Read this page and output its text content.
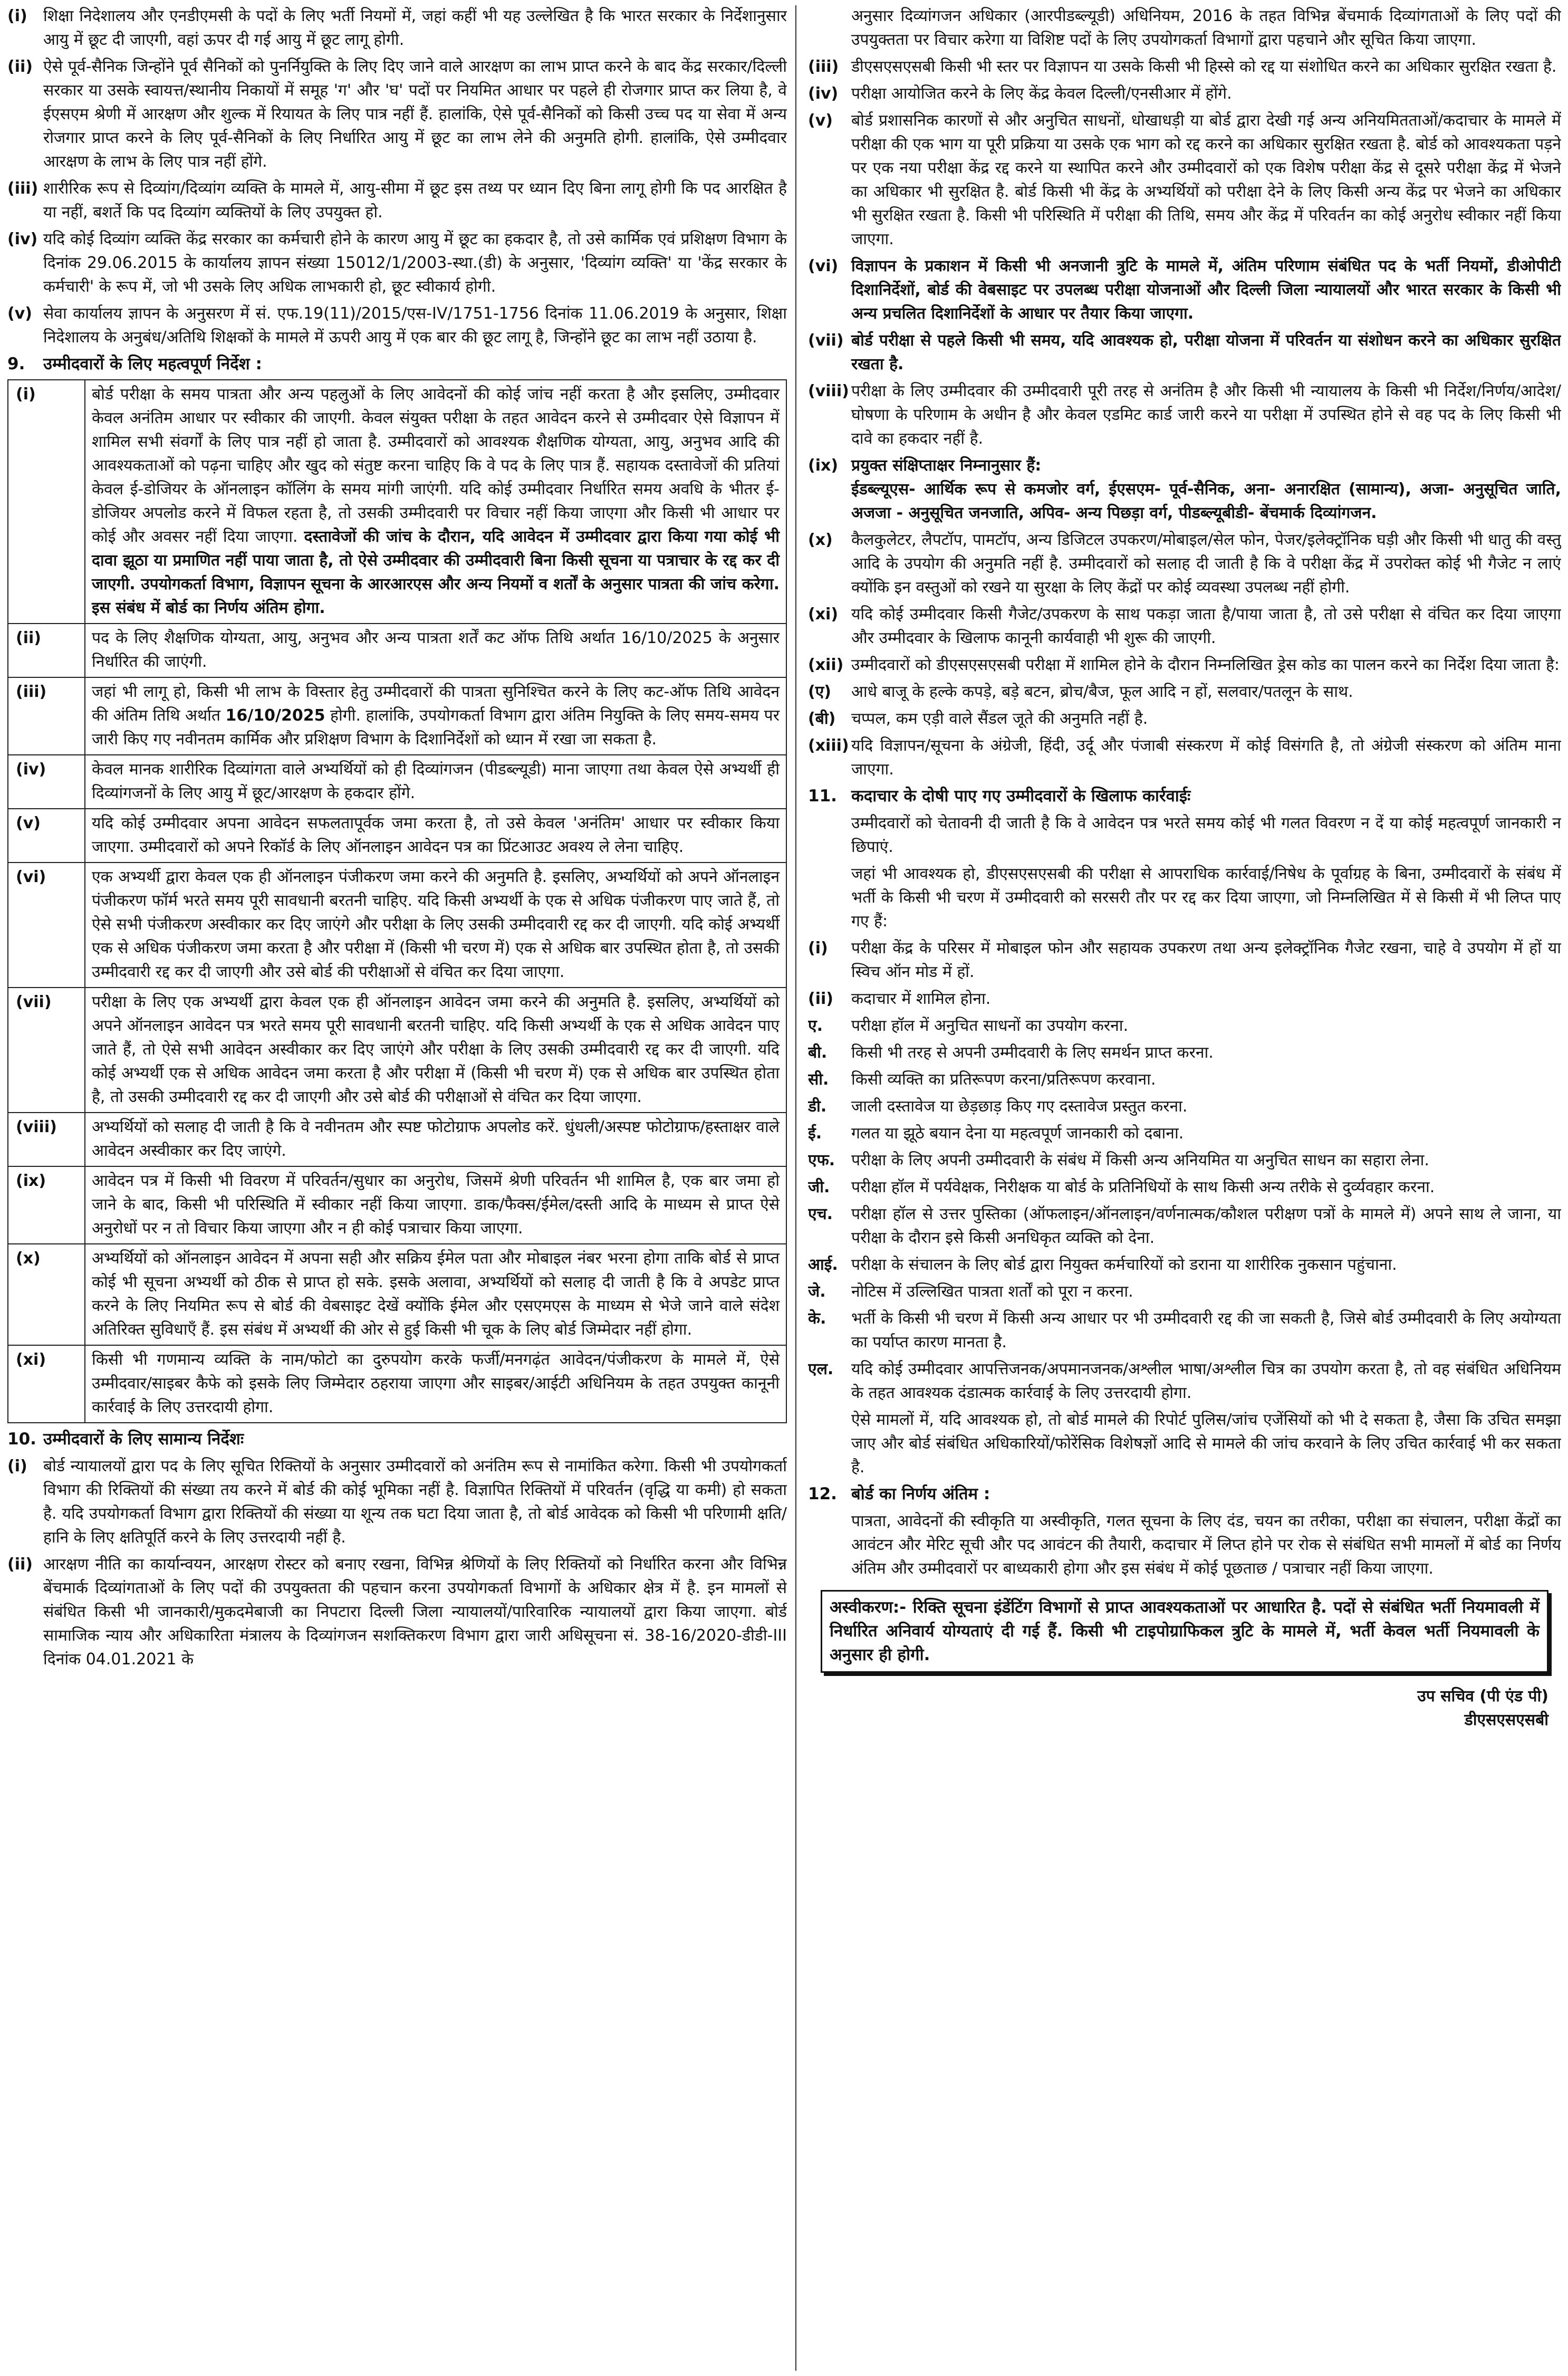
(i)	शिक्षा निदेशालय और एनडीएमसी के पदों के लिए भर्ती नियमों में, जहां कहीं भी यह उल्लेखित है कि भारत सरकार के निर्देशानुसार आयु में छूट दी जाएगी, वहां ऊपर दी गई आयु में छूट लागू होगी.
(ii) ऐसे पूर्व-सैनिक जिन्होंने पूर्व सैनिकों को पुनर्नियुक्ति के लिए दिए जाने वाले आरक्षण का लाभ प्राप्त करने के बाद केंद्र सरकार/दिल्ली सरकार या उसके स्वायत्त/स्थानीय निकायों में समूह 'ग' और 'घ' पदों पर नियमित आधार पर पहले ही रोजगार प्राप्त कर लिया है, वे ईएसएम श्रेणी में आरक्षण और शुल्क में रियायत के लिए पात्र नहीं हैं. हालांकि, ऐसे पूर्व-सैनिकों को किसी उच्च पद या सेवा में अन्य रोजगार प्राप्त करने के लिए पूर्व-सैनिकों के लिए निर्धारित आयु में छूट का लाभ लेने की अनुमति होगी. हालांकि, ऐसे उम्मीदवार आरक्षण के लाभ के लिए पात्र नहीं होंगे.
(iii) शारीरिक रूप से दिव्यांग/दिव्यांग व्यक्ति के मामले में, आयु-सीमा में छूट इस तथ्य पर ध्यान दिए बिना लागू होगी कि पद आरक्षित है या नहीं, बशर्ते कि पद दिव्यांग व्यक्तियों के लिए उपयुक्त हो.
(iv) यदि कोई दिव्यांग व्यक्ति केंद्र सरकार का कर्मचारी होने के कारण आयु में छूट का हकदार है, तो उसे कार्मिक एवं प्रशिक्षण विभाग के दिनांक 29.06.2015 के कार्यालय ज्ञापन संख्या 15012/1/2003-स्था.(डी) के अनुसार, 'दिव्यांग व्यक्ति' या 'केंद्र सरकार के कर्मचारी' के रूप में, जो भी उसके लिए अधिक लाभकारी हो, छूट स्वीकार्य होगी.
(v) सेवा कार्यालय ज्ञापन के अनुसरण में सं. एफ.19(11)/2015/एस-IV/1751-1756 दिनांक 11.06.2019 के अनुसार, शिक्षा निदेशालय के अनुबंध/अतिथि शिक्षकों के मामले में ऊपरी आयु में एक बार की छूट लागू है, जिन्होंने छूट का लाभ नहीं उठाया है.
9.	उम्मीदवारों के लिए महत्वपूर्ण निर्देश :
(i)	बोर्ड परीक्षा के समय पात्रता और अन्य पहलुओं के लिए आवेदनों की कोई जांच नहीं करता है और इसलिए, उम्मीदवार केवल अनंतिम आधार पर स्वीकार की जाएगी. केवल संयुक्त परीक्षा के तहत आवेदन करने से उम्मीदवार ऐसे विज्ञापन में शामिल सभी संवर्गों के लिए पात्र नहीं हो जाता है. उम्मीदवारों को आवश्यक शैक्षणिक योग्यता, आयु, अनुभव आदि की आवश्यकताओं को पढ़ना चाहिए और खुद को संतुष्ट करना चाहिए कि वे पद के लिए पात्र हैं. सहायक दस्तावेजों की प्रतियां केवल ई-डोजियर के ऑनलाइन कॉलिंग के समय मांगी जाएंगी. यदि कोई उम्मीदवार निर्धारित समय अवधि के भीतर ई-डोजियर अपलोड करने में विफल रहता है, तो उसकी उम्मीदवारी पर विचार नहीं किया जाएगा और किसी भी आधार पर कोई और अवसर नहीं दिया जाएगा. दस्तावेजों की जांच के दौरान, यदि आवेदन में उम्मीदवार द्वारा किया गया कोई भी दावा झूठा या प्रमाणित नहीं पाया जाता है, तो ऐसे उम्मीदवार की उम्मीदवारी बिना किसी सूचना या पत्राचार के रद्द कर दी जाएगी. उपयोगकर्ता विभाग, विज्ञापन सूचना के आरआरएस और अन्य नियमों व शर्तों के अनुसार पात्रता की जांच करेगा. इस संबंध में बोर्ड का निर्णय अंतिम होगा.
(ii)	पद के लिए शैक्षणिक योग्यता, आयु, अनुभव और अन्य पात्रता शर्तें कट ऑफ तिथि अर्थात 16/10/2025 के अनुसार निर्धारित की जाएंगी.
(iii)	जहां भी लागू हो, किसी भी लाभ के विस्तार हेतु उम्मीदवारों की पात्रता सुनिश्चित करने के लिए कट-ऑफ तिथि आवेदन की अंतिम तिथि अर्थात 16/10/2025 होगी. हालांकि, उपयोगकर्ता विभाग द्वारा अंतिम नियुक्ति के लिए समय-समय पर जारी किए गए नवीनतम कार्मिक और प्रशिक्षण विभाग के दिशानिर्देशों को ध्यान में रखा जा सकता है.
(iv)	केवल मानक शारीरिक दिव्यांगता वाले अभ्यर्थियों को ही दिव्यांगजन (पीडब्ल्यूडी) माना जाएगा तथा केवल ऐसे अभ्यर्थी ही दिव्यांगजनों के लिए आयु में छूट/आरक्षण के हकदार होंगे.
(v)	यदि कोई उम्मीदवार अपना आवेदन सफलतापूर्वक जमा करता है, तो उसे केवल 'अनंतिम' आधार पर स्वीकार किया जाएगा. उम्मीदवारों को अपने रिकॉर्ड के लिए ऑनलाइन आवेदन पत्र का प्रिंटआउट अवश्य ले लेना चाहिए.
(vi)	एक अभ्यर्थी द्वारा केवल एक ही ऑनलाइन पंजीकरण जमा करने की अनुमति है. इसलिए, अभ्यर्थियों को अपने ऑनलाइन पंजीकरण फॉर्म भरते समय पूरी सावधानी बरतनी चाहिए. यदि किसी अभ्यर्थी के एक से अधिक पंजीकरण पाए जाते हैं, तो ऐसे सभी पंजीकरण अस्वीकार कर दिए जाएंगे और परीक्षा के लिए उसकी उम्मीदवारी रद्द कर दी जाएगी. यदि कोई अभ्यर्थी एक से अधिक पंजीकरण जमा करता है और परीक्षा में (किसी भी चरण में) एक से अधिक बार उपस्थित होता है, तो उसकी उम्मीदवारी रद्द कर दी जाएगी और उसे बोर्ड की परीक्षाओं से वंचित कर दिया जाएगा.
(vii)	परीक्षा के लिए एक अभ्यर्थी द्वारा केवल एक ही ऑनलाइन आवेदन जमा करने की अनुमति है. इसलिए, अभ्यर्थियों को अपने ऑनलाइन आवेदन पत्र भरते समय पूरी सावधानी बरतनी चाहिए. यदि किसी अभ्यर्थी के एक से अधिक आवेदन पाए जाते हैं, तो ऐसे सभी आवेदन अस्वीकार कर दिए जाएंगे और परीक्षा के लिए उसकी उम्मीदवारी रद्द कर दी जाएगी. यदि कोई अभ्यर्थी एक से अधिक आवेदन जमा करता है और परीक्षा में (किसी भी चरण में) एक से अधिक बार उपस्थित होता है, तो उसकी उम्मीदवारी रद्द कर दी जाएगी और उसे बोर्ड की परीक्षाओं से वंचित कर दिया जाएगा.
(viii)	अभ्यर्थियों को सलाह दी जाती है कि वे नवीनतम और स्पष्ट फोटोग्राफ अपलोड करें. धुंधली/अस्पष्ट फोटोग्राफ/हस्ताक्षर वाले आवेदन अस्वीकार कर दिए जाएंगे.
(ix)	आवेदन पत्र में किसी भी विवरण में परिवर्तन/सुधार का अनुरोध, जिसमें श्रेणी परिवर्तन भी शामिल है, एक बार जमा हो जाने के बाद, किसी भी परिस्थिति में स्वीकार नहीं किया जाएगा. डाक/फैक्स/ईमेल/दस्ती आदि के माध्यम से प्राप्त ऐसे अनुरोधों पर न तो विचार किया जाएगा और न ही कोई पत्राचार किया जाएगा.
(x)	अभ्यर्थियों को ऑनलाइन आवेदन में अपना सही और सक्रिय ईमेल पता और मोबाइल नंबर भरना होगा ताकि बोर्ड से प्राप्त कोई भी सूचना अभ्यर्थी को ठीक से प्राप्त हो सके. इसके अलावा, अभ्यर्थियों को सलाह दी जाती है कि वे अपडेट प्राप्त करने के लिए नियमित रूप से बोर्ड की वेबसाइट देखें क्योंकि ईमेल और एसएमएस के माध्यम से भेजे जाने वाले संदेश अतिरिक्त सुविधाएँ हैं. इस संबंध में अभ्यर्थी की ओर से हुई किसी भी चूक के लिए बोर्ड जिम्मेदार नहीं होगा.
(xi)	किसी भी गणमान्य व्यक्ति के नाम/फोटो का दुरुपयोग करके फर्जी/मनगढ़ंत आवेदन/पंजीकरण के मामले में, ऐसे उम्मीदवार/साइबर कैफे को इसके लिए जिम्मेदार ठहराया जाएगा और साइबर/आईटी अधिनियम के तहत उपयुक्त कानूनी कार्रवाई के लिए उत्तरदायी होगा.
10. उम्मीदवारों के लिए सामान्य निर्देशः
(i)	बोर्ड न्यायालयों द्वारा पद के लिए सूचित रिक्तियों के अनुसार उम्मीदवारों को अनंतिम रूप से नामांकित करेगा. किसी भी उपयोगकर्ता विभाग की रिक्तियों की संख्या तय करने में बोर्ड की कोई भूमिका नहीं है. विज्ञापित रिक्तियों में परिवर्तन (वृद्धि या कमी) हो सकता है. यदि उपयोगकर्ता विभाग द्वारा रिक्तियों की संख्या या शून्य तक घटा दिया जाता है, तो बोर्ड आवेदक को किसी भी परिणामी क्षति/हानि के लिए क्षतिपूर्ति करने के लिए उत्तरदायी नहीं है.
(ii) आरक्षण नीति का कार्यान्वयन, आरक्षण रोस्टर को बनाए रखना, विभिन्न श्रेणियों के लिए रिक्तियों को निर्धारित करना और विभिन्न बेंचमार्क दिव्यांगताओं के लिए पदों की उपयुक्तता की पहचान करना उपयोगकर्ता विभागों के अधिकार क्षेत्र में है. इन मामलों से संबंधित किसी भी जानकारी/मुकदमेबाजी का निपटारा दिल्ली जिला न्यायालयों/पारिवारिक न्यायालयों द्वारा किया जाएगा. बोर्ड सामाजिक न्याय और अधिकारिता मंत्रालय के दिव्यांगजन सशक्तिकरण विभाग द्वारा जारी अधिसूचना सं. 38-16/2020-डीडी-III दिनांक 04.01.2021 के

अनुसार दिव्यांगजन अधिकार (आरपीडब्ल्यूडी) अधिनियम, 2016 के तहत विभिन्न बेंचमार्क दिव्यांगताओं के लिए पदों की उपयुक्तता पर विचार करेगा या विशिष्ट पदों के लिए उपयोगकर्ता विभागों द्वारा पहचाने और सूचित किया जाएगा.

(iii) डीएसएसएसबी किसी भी स्तर पर विज्ञापन या उसके किसी भी हिस्से को रद्द या संशोधित करने का अधिकार सुरक्षित रखता है.
(iv) परीक्षा आयोजित करने के लिए केंद्र केवल दिल्ली/एनसीआर में होंगे.
(v)	बोर्ड प्रशासनिक कारणों से और अनुचित साधनों, धोखाधड़ी या बोर्ड द्वारा देखी गई अन्य अनियमितताओं/कदाचार के मामले में परीक्षा की एक भाग या पूरी प्रक्रिया या उसके एक भाग को रद्द करने का अधिकार सुरक्षित रखता है. बोर्ड को आवश्यकता पड़ने पर एक नया परीक्षा केंद्र रद्द करने या स्थापित करने और उम्मीदवारों को एक विशेष परीक्षा केंद्र से दूसरे परीक्षा केंद्र में भेजने का अधिकार भी सुरक्षित है. बोर्ड किसी भी केंद्र के अभ्यर्थियों को परीक्षा देने के लिए किसी अन्य केंद्र पर भेजने का अधिकार भी सुरक्षित रखता है. किसी भी परिस्थिति में परीक्षा की तिथि, समय और केंद्र में परिवर्तन का कोई अनुरोध स्वीकार नहीं किया जाएगा.
(vi) विज्ञापन के प्रकाशन में किसी भी अनजानी त्रुटि के मामले में, अंतिम परिणाम संबंधित पद के भर्ती नियमों, डीओपीटी दिशानिर्देशों, बोर्ड की वेबसाइट पर उपलब्ध परीक्षा योजनाओं और दिल्ली जिला न्यायालयों और भारत सरकार के किसी भी अन्य प्रचलित दिशानिर्देशों के आधार पर तैयार किया जाएगा.
(vii) बोर्ड परीक्षा से पहले किसी भी समय, यदि आवश्यक हो, परीक्षा योजना में परिवर्तन या संशोधन करने का अधिकार सुरक्षित रखता है.
(viii) परीक्षा के लिए उम्मीदवार की उम्मीदवारी पूरी तरह से अनंतिम है और किसी भी न्यायालय के किसी भी निर्देश/निर्णय/आदेश/घोषणा के परिणाम के अधीन है और केवल एडमिट कार्ड जारी करने या परीक्षा में उपस्थित होने से वह पद के लिए किसी भी दावे का हकदार नहीं है.
(ix) प्रयुक्त संक्षिप्ताक्षर निम्नानुसार हैं:
ईडब्ल्यूएस- आर्थिक रूप से कमजोर वर्ग, ईएसएम- पूर्व-सैनिक, अना- अनारक्षित (सामान्य), अजा- अनुसूचित जाति, अजजा - अनुसूचित जनजाति, अपिव- अन्य पिछड़ा वर्ग, पीडब्ल्यूबीडी- बेंचमार्क दिव्यांगजन.
(x)	कैलकुलेटर, लैपटॉप, पामटॉप, अन्य डिजिटल उपकरण/मोबाइल/सेल फोन, पेजर/इलेक्ट्रॉनिक घड़ी और किसी भी धातु की वस्तु आदि के उपयोग की अनुमति नहीं है. उम्मीदवारों को सलाह दी जाती है कि वे परीक्षा केंद्र में उपरोक्त कोई भी गैजेट न लाएं क्योंकि इन वस्तुओं को रखने या सुरक्षा के लिए केंद्रों पर कोई व्यवस्था उपलब्ध नहीं होगी.
(xi) यदि कोई उम्मीदवार किसी गैजेट/उपकरण के साथ पकड़ा जाता है/पाया जाता है, तो उसे परीक्षा से वंचित कर दिया जाएगा और उम्मीदवार के खिलाफ कानूनी कार्यवाही भी शुरू की जाएगी.
(xii) उम्मीदवारों को डीएसएसएसबी परीक्षा में शामिल होने के दौरान निम्नलिखित ड्रेस कोड का पालन करने का निर्देश दिया जाता है:
(ए)	आधे बाजू के हल्के कपड़े, बड़े बटन, ब्रोच/बैज, फूल आदि न हों, सलवार/पतलून के साथ.
(बी) चप्पल, कम एड़ी वाले सैंडल जूते की अनुमति नहीं है.
(xiii) यदि विज्ञापन/सूचना के अंग्रेजी, हिंदी, उर्दू और पंजाबी संस्करण में कोई विसंगति है, तो अंग्रेजी संस्करण को अंतिम माना जाएगा.
11. कदाचार के दोषी पाए गए उम्मीदवारों के खिलाफ कार्रवाईः

उम्मीदवारों को चेतावनी दी जाती है कि वे आवेदन पत्र भरते समय कोई भी गलत विवरण न दें या कोई महत्वपूर्ण जानकारी न छिपाएं.

जहां भी आवश्यक हो, डीएसएसएसबी की परीक्षा से आपराधिक कार्रवाई/निषेध के पूर्वाग्रह के बिना, उम्मीदवारों के संबंध में भर्ती के किसी भी चरण में उम्मीदवारी को सरसरी तौर पर रद्द कर दिया जाएगा, जो निम्नलिखित में से किसी में भी लिप्त पाए गए हैं:

(i)	परीक्षा केंद्र के परिसर में मोबाइल फोन और सहायक उपकरण तथा अन्य इलेक्ट्रॉनिक गैजेट रखना, चाहे वे उपयोग में हों या स्विच ऑन मोड में हों.
(ii)	कदाचार में शामिल होना.
ए.	परीक्षा हॉल में अनुचित साधनों का उपयोग करना.
बी.	किसी भी तरह से अपनी उम्मीदवारी के लिए समर्थन प्राप्त करना.
सी.	किसी व्यक्ति का प्रतिरूपण करना/प्रतिरूपण करवाना.
डी.	जाली दस्तावेज या छेड़छाड़ किए गए दस्तावेज प्रस्तुत करना.
ई.	गलत या झूठे बयान देना या महत्वपूर्ण जानकारी को दबाना.
एफ.	परीक्षा के लिए अपनी उम्मीदवारी के संबंध में किसी अन्य अनियमित या अनुचित साधन का सहारा लेना.
जी.	परीक्षा हॉल में पर्यवेक्षक, निरीक्षक या बोर्ड के प्रतिनिधियों के साथ किसी अन्य तरीके से दुर्व्यवहार करना.
एच.	परीक्षा हॉल से उत्तर पुस्तिका (ऑफलाइन/ऑनलाइन/वर्णनात्मक/कौशल परीक्षण पत्रों के मामले में) अपने साथ ले जाना, या परीक्षा के दौरान इसे किसी अनधिकृत व्यक्ति को देना.
आई. परीक्षा के संचालन के लिए बोर्ड द्वारा नियुक्त कर्मचारियों को डराना या शारीरिक नुकसान पहुंचाना.
जे.	नोटिस में उल्लिखित पात्रता शर्तों को पूरा न करना.
के.	भर्ती के किसी भी चरण में किसी अन्य आधार पर भी उम्मीदवारी रद्द की जा सकती है, जिसे बोर्ड उम्मीदवारी के लिए अयोग्यता का पर्याप्त कारण मानता है.
एल.	यदि कोई उम्मीदवार आपत्तिजनक/अपमानजनक/अश्लील भाषा/अश्लील चित्र का उपयोग करता है, तो वह संबंधित अधिनियम के तहत आवश्यक दंडात्मक कार्रवाई के लिए उत्तरदायी होगा.

ऐसे मामलों में, यदि आवश्यक हो, तो बोर्ड मामले की रिपोर्ट पुलिस/जांच एजेंसियों को भी दे सकता है, जैसा कि उचित समझा जाए और बोर्ड संबंधित अधिकारियों/फोरेंसिक विशेषज्ञों आदि से मामले की जांच करवाने के लिए उचित कार्रवाई भी कर सकता है.

12. बोर्ड का निर्णय अंतिम :

पात्रता, आवेदनों की स्वीकृति या अस्वीकृति, गलत सूचना के लिए दंड, चयन का तरीका, परीक्षा का संचालन, परीक्षा केंद्रों का आवंटन और मेरिट सूची और पद आवंटन की तैयारी, कदाचार में लिप्त होने पर रोक से संबंधित सभी मामलों में बोर्ड का निर्णय अंतिम और उम्मीदवारों पर बाध्यकारी होगा और इस संबंध में कोई पूछताछ / पत्राचार नहीं किया जाएगा.

अस्वीकरण:- रिक्ति सूचना इंडेंटिंग विभागों से प्राप्त आवश्यकताओं पर आधारित है. पदों से संबंधित भर्ती नियमावली में निर्धारित अनिवार्य योग्यताएं दी गई हैं. किसी भी टाइपोग्राफिकल त्रुटि के मामले में, भर्ती केवल भर्ती नियमावली के अनुसार ही होगी.
उप सचिव (पी एंड पी)
डीएसएसएसबी
